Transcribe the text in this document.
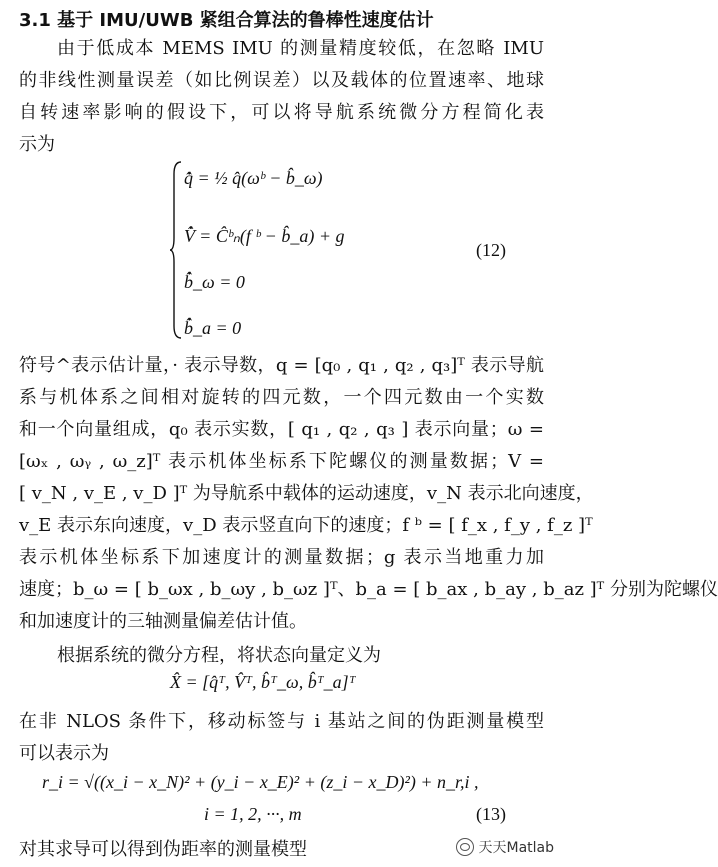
3.1 基于 IMU/UWB 紧组合算法的鲁棒性速度估计
由于低成本 MEMS IMU 的测量精度较低，在忽略 IMU
的非线性测量误差（如比例误差）以及载体的位置速率、地球
自转速率影响的假设下，可以将导航系统微分方程简化表
示为
q̂̇ = ½ q̂(ωᵇ − b̂_ω)
V̂̇ = Ĉᵇₙ(f ᵇ − b̂_a) + g
b̂̇_ω = 0
b̂̇_a = 0
(12)
符号^表示估计量，· 表示导数，q = [q₀ , q₁ , q₂ , q₃]ᵀ 表示导航
系与机体系之间相对旋转的四元数，一个四元数由一个实数
和一个向量组成，q₀ 表示实数，[ q₁ , q₂ , q₃ ] 表示向量；ω =
[ωₓ , ωᵧ , ω_z]ᵀ 表示机体坐标系下陀螺仪的测量数据；V =
[ v_N , v_E , v_D ]ᵀ 为导航系中载体的运动速度，v_N 表示北向速度，
v_E 表示东向速度，v_D 表示竖直向下的速度；f ᵇ = [ f_x , f_y , f_z ]ᵀ
表示机体坐标系下加速度计的测量数据；g 表示当地重力加
速度；b_ω = [ b_ωx , b_ωy , b_ωz ]ᵀ、b_a = [ b_ax , b_ay , b_az ]ᵀ 分别为陀螺仪
和加速度计的三轴测量偏差估计值。
根据系统的微分方程，将状态向量定义为
X̂ = [q̂ᵀ, V̂ᵀ, b̂ᵀ_ω, b̂ᵀ_a]ᵀ
在非 NLOS 条件下，移动标签与 i 基站之间的伪距测量模型
可以表示为
r_i = √((x_i − x_N)² + (y_i − x_E)² + (z_i − x_D)²) + n_r,i ,
i = 1, 2, ···, m	(13)
对其求导可以得到伪距率的测量模型	天天Matlab
